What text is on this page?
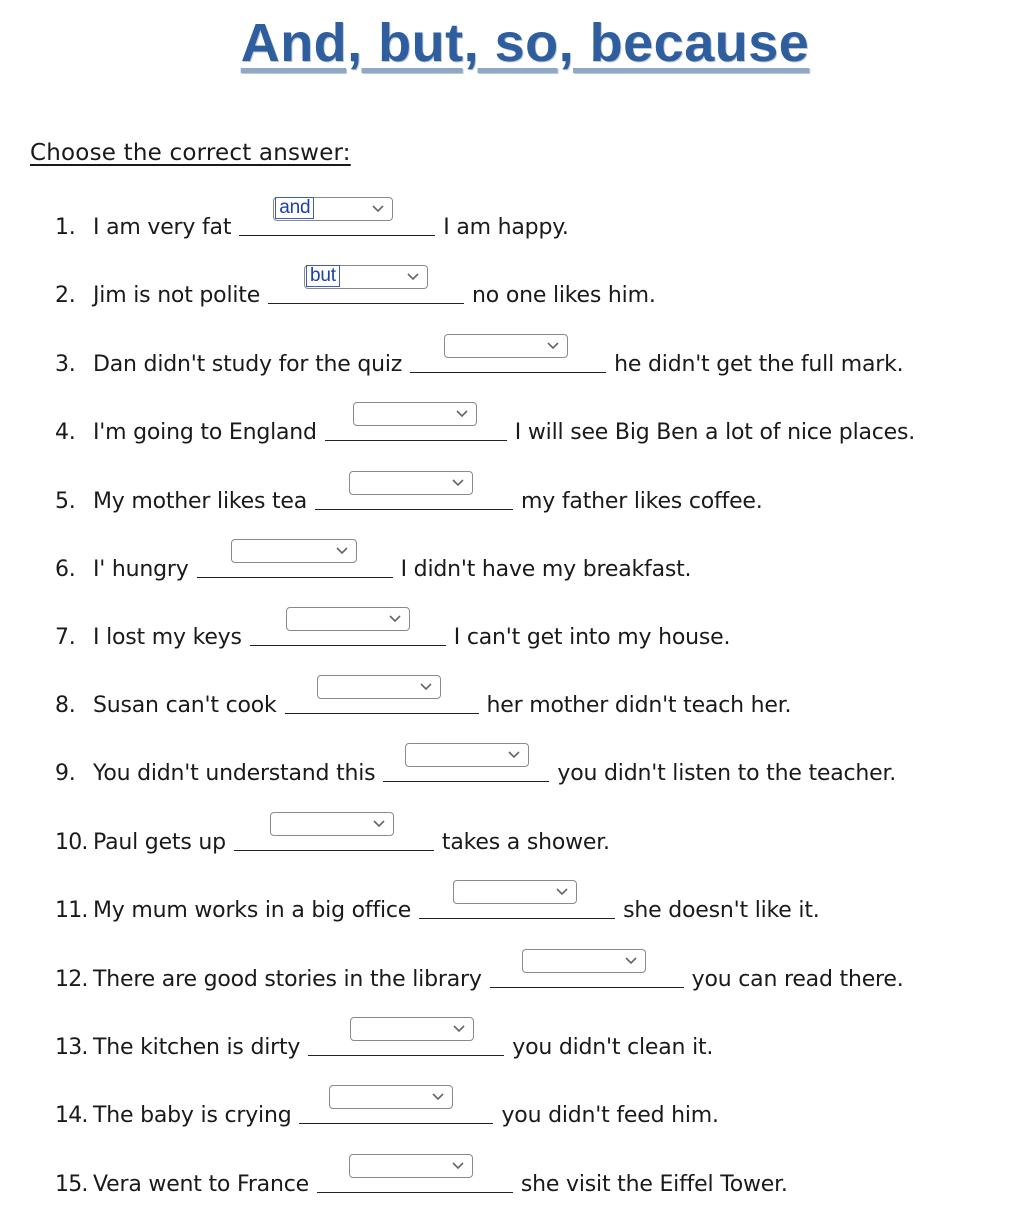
And, but, so, because
Choose the correct answer:
1. I am very fat
and
I am happy.
2. Jim is not polite
but
no one likes him.
3. Dan didn't study for the quiz	he didn't get the full mark.
4. I'm going to England	I will see Big Ben a lot of nice places.
5. My mother likes tea	my father likes coffee.
6. I' hungry	I didn't have my breakfast.
7. I lost my keys	I can't get into my house.
8. Susan can't cook	her mother didn't teach her.
9. You didn't understand this	you didn't listen to the teacher.
10. Paul gets up	takes a shower.
11. My mum works in a big office	she doesn't like it.
12. There are good stories in the library	you can read there.
13. The kitchen is dirty	you didn't clean it.
14. The baby is crying	you didn't feed him.
15. Vera went to France	she visit the Eiffel Tower.
